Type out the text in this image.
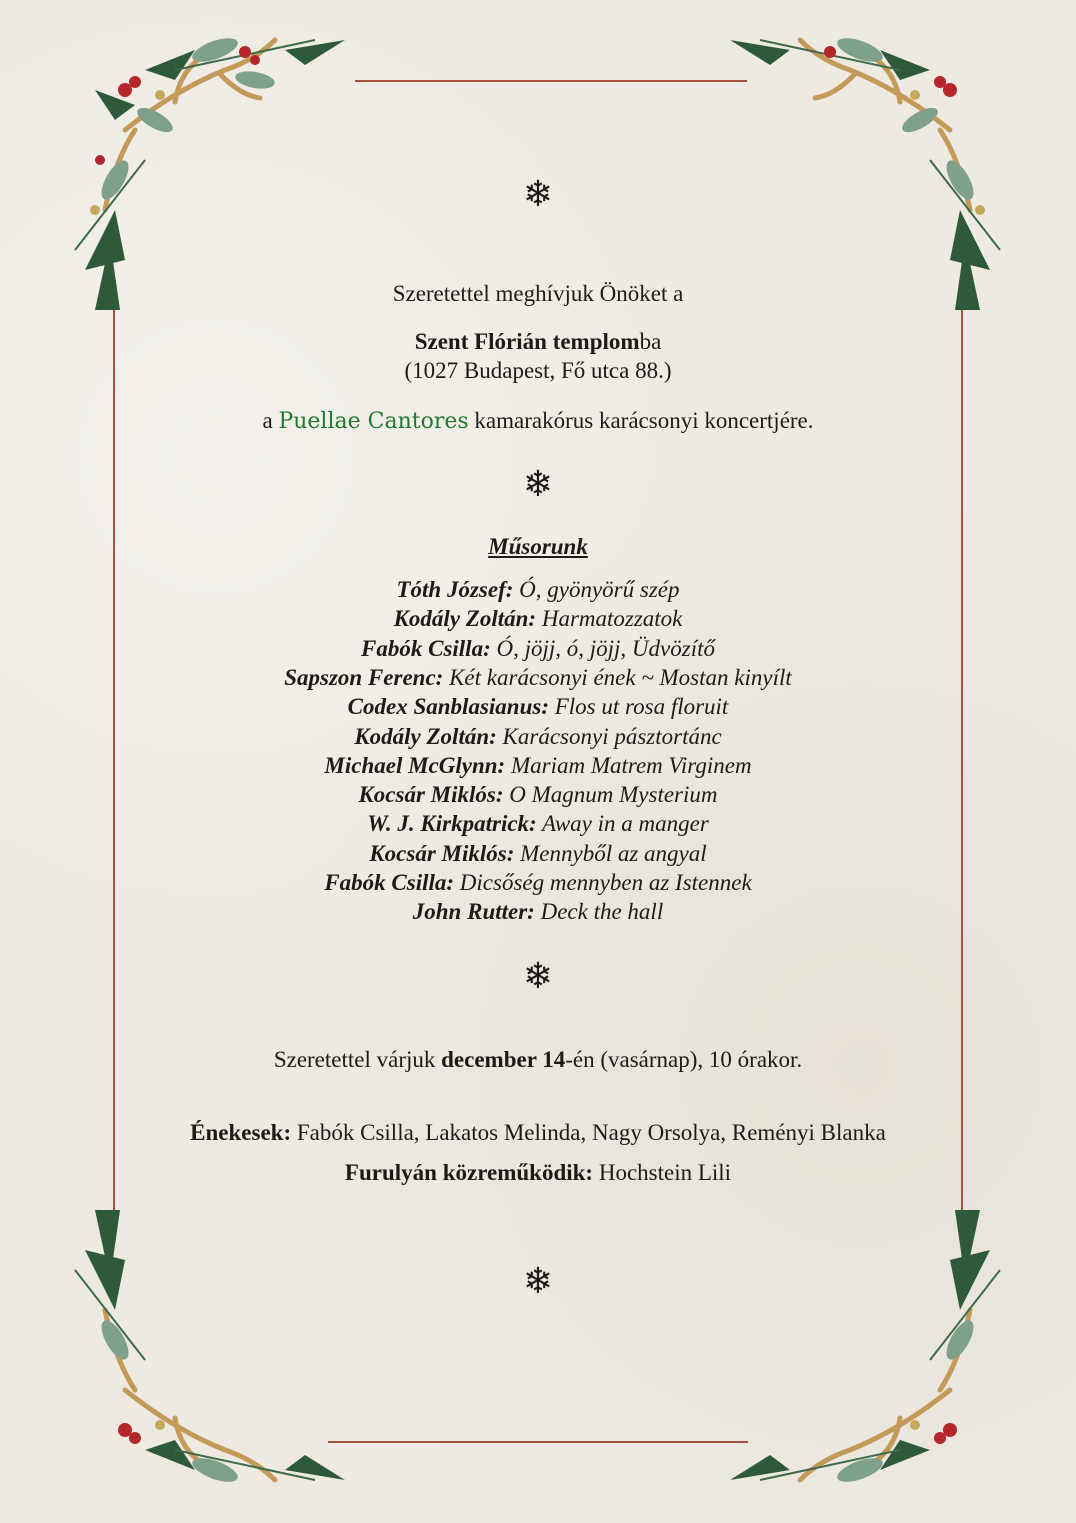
❄
❄
❄
❄
Szeretettel meghívjuk Önöket a
Szent Flórián templomba
(1027 Budapest, Fő utca 88.)
a Puellae Cantores kamarakórus karácsonyi koncertjére.
Műsorunk
Tóth József: Ó, gyönyörű szép
Kodály Zoltán: Harmatozzatok
Fabók Csilla: Ó, jöjj, ó, jöjj, Üdvözítő
Sapszon Ferenc: Két karácsonyi ének ~ Mostan kinyílt
Codex Sanblasianus: Flos ut rosa floruit
Kodály Zoltán: Karácsonyi pásztortánc
Michael McGlynn: Mariam Matrem Virginem
Kocsár Miklós: O Magnum Mysterium
W. J. Kirkpatrick: Away in a manger
Kocsár Miklós: Mennyből az angyal
Fabók Csilla: Dicsőség mennyben az Istennek
John Rutter: Deck the hall
Szeretettel várjuk december 14-én (vasárnap), 10 órakor.
Énekesek: Fabók Csilla, Lakatos Melinda, Nagy Orsolya, Reményi Blanka
Furulyán közreműködik: Hochstein Lili
